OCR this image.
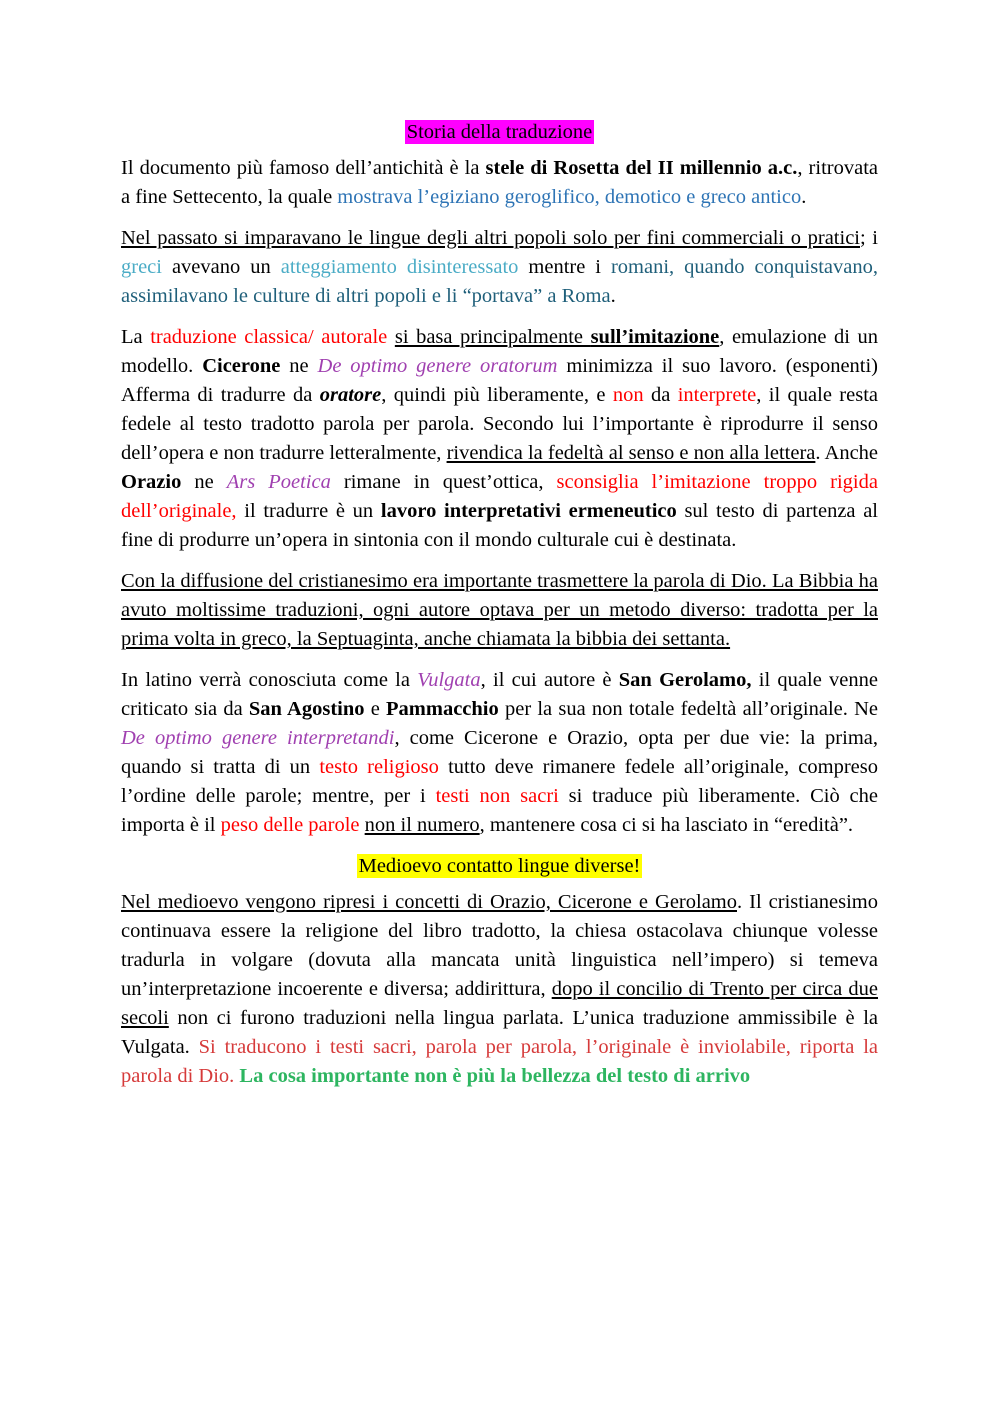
Storia della traduzione

Il documento più famoso dell’antichità è la stele di Rosetta del II millennio a.c., ritrovata a fine Settecento, la quale mostrava l’egiziano geroglifico, demotico e greco antico.

Nel passato si imparavano le lingue degli altri popoli solo per fini commerciali o pratici; i greci avevano un atteggiamento disinteressato mentre i romani, quando conquistavano, assimilavano le culture di altri popoli e li “portava” a Roma.

La traduzione classica/ autorale si basa principalmente sull’imitazione, emulazione di un modello. Cicerone ne De optimo genere oratorum minimizza il suo lavoro. (esponenti) Afferma di tradurre da oratore, quindi più liberamente, e non da interprete, il quale resta fedele al testo tradotto parola per parola. Secondo lui l’importante è riprodurre il senso dell’opera e non tradurre letteralmente, rivendica la fedeltà al senso e non alla lettera. Anche Orazio ne Ars Poetica rimane in quest’ottica, sconsiglia l’imitazione troppo rigida dell’originale, il tradurre è un lavoro interpretativi ermeneutico sul testo di partenza al fine di produrre un’opera in sintonia con il mondo culturale cui è destinata.

Con la diffusione del cristianesimo era importante trasmettere la parola di Dio. La Bibbia ha avuto moltissime traduzioni, ogni autore optava per un metodo diverso: tradotta per la prima volta in greco, la Septuaginta, anche chiamata la bibbia dei settanta.

In latino verrà conosciuta come la Vulgata, il cui autore è San Gerolamo, il quale venne criticato sia da San Agostino e Pammacchio per la sua non totale fedeltà all’originale. Ne De optimo genere interpretandi, come Cicerone e Orazio, opta per due vie: la prima, quando si tratta di un testo religioso tutto deve rimanere fedele all’originale, compreso l’ordine delle parole; mentre, per i testi non sacri si traduce più liberamente. Ciò che importa è il peso delle parole non il numero, mantenere cosa ci si ha lasciato in “eredità”.

Medioevo contatto lingue diverse!

Nel medioevo vengono ripresi i concetti di Orazio, Cicerone e Gerolamo. Il cristianesimo continuava essere la religione del libro tradotto, la chiesa ostacolava chiunque volesse tradurla in volgare (dovuta alla mancata unità linguistica nell’impero) si temeva un’interpretazione incoerente e diversa; addirittura, dopo il concilio di Trento per circa due secoli non ci furono traduzioni nella lingua parlata. L’unica traduzione ammissibile è la Vulgata. Si traducono i testi sacri, parola per parola, l’originale è inviolabile, riporta la parola di Dio. La cosa importante non è più la bellezza del testo di arrivo
